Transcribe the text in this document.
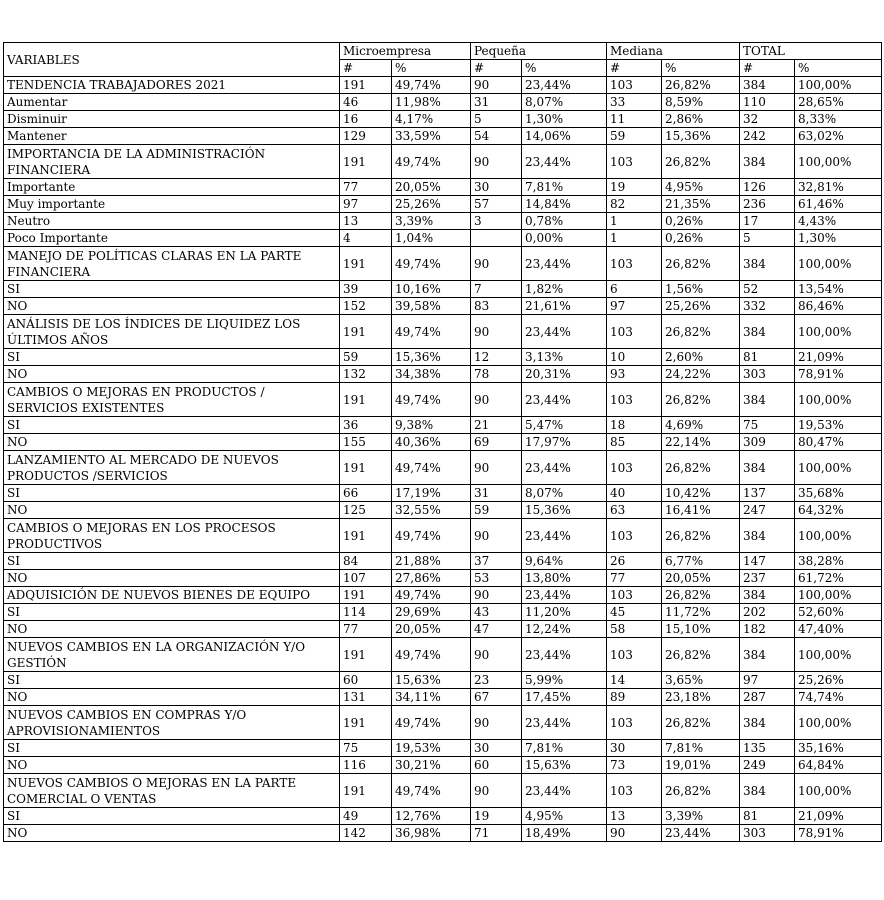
VARIABLES	Microempresa		Pequeña		Mediana		TOTAL	
	#	%	#	%	#	%	#	%
TENDENCIA TRABAJADORES 2021	191	49,74%	90	23,44%	103	26,82%	384	100,00%
Aumentar	46	11,98%	31	8,07%	33	8,59%	110	28,65%
Disminuir	16	4,17%	5	1,30%	11	2,86%	32	8,33%
Mantener	129	33,59%	54	14,06%	59	15,36%	242	63,02%
IMPORTANCIA DE LA ADMINISTRACIÓN FINANCIERA	191	49,74%	90	23,44%	103	26,82%	384	100,00%
Importante	77	20,05%	30	7,81%	19	4,95%	126	32,81%
Muy importante	97	25,26%	57	14,84%	82	21,35%	236	61,46%
Neutro	13	3,39%	3	0,78%	1	0,26%	17	4,43%
Poco Importante	4	1,04%		0,00%	1	0,26%	5	1,30%
MANEJO DE POLÍTICAS CLARAS EN LA PARTE FINANCIERA	191	49,74%	90	23,44%	103	26,82%	384	100,00%
SI	39	10,16%	7	1,82%	6	1,56%	52	13,54%
NO	152	39,58%	83	21,61%	97	25,26%	332	86,46%
ANÁLISIS DE LOS ÍNDICES DE LIQUIDEZ LOS ÚLTIMOS AÑOS	191	49,74%	90	23,44%	103	26,82%	384	100,00%
SI	59	15,36%	12	3,13%	10	2,60%	81	21,09%
NO	132	34,38%	78	20,31%	93	24,22%	303	78,91%
CAMBIOS O MEJORAS EN PRODUCTOS / SERVICIOS EXISTENTES	191	49,74%	90	23,44%	103	26,82%	384	100,00%
SI	36	9,38%	21	5,47%	18	4,69%	75	19,53%
NO	155	40,36%	69	17,97%	85	22,14%	309	80,47%
LANZAMIENTO AL MERCADO DE NUEVOS PRODUCTOS /SERVICIOS	191	49,74%	90	23,44%	103	26,82%	384	100,00%
SI	66	17,19%	31	8,07%	40	10,42%	137	35,68%
NO	125	32,55%	59	15,36%	63	16,41%	247	64,32%
CAMBIOS O MEJORAS EN LOS PROCESOS PRODUCTIVOS	191	49,74%	90	23,44%	103	26,82%	384	100,00%
SI	84	21,88%	37	9,64%	26	6,77%	147	38,28%
NO	107	27,86%	53	13,80%	77	20,05%	237	61,72%
ADQUISICIÓN DE NUEVOS BIENES DE EQUIPO	191	49,74%	90	23,44%	103	26,82%	384	100,00%
SI	114	29,69%	43	11,20%	45	11,72%	202	52,60%
NO	77	20,05%	47	12,24%	58	15,10%	182	47,40%
NUEVOS CAMBIOS EN LA ORGANIZACIÓN Y/O GESTIÓN	191	49,74%	90	23,44%	103	26,82%	384	100,00%
SI	60	15,63%	23	5,99%	14	3,65%	97	25,26%
NO	131	34,11%	67	17,45%	89	23,18%	287	74,74%
NUEVOS CAMBIOS EN COMPRAS Y/O APROVISIONAMIENTOS	191	49,74%	90	23,44%	103	26,82%	384	100,00%
SI	75	19,53%	30	7,81%	30	7,81%	135	35,16%
NO	116	30,21%	60	15,63%	73	19,01%	249	64,84%
NUEVOS CAMBIOS O MEJORAS EN LA PARTE COMERCIAL O VENTAS	191	49,74%	90	23,44%	103	26,82%	384	100,00%
SI	49	12,76%	19	4,95%	13	3,39%	81	21,09%
NO	142	36,98%	71	18,49%	90	23,44%	303	78,91%
